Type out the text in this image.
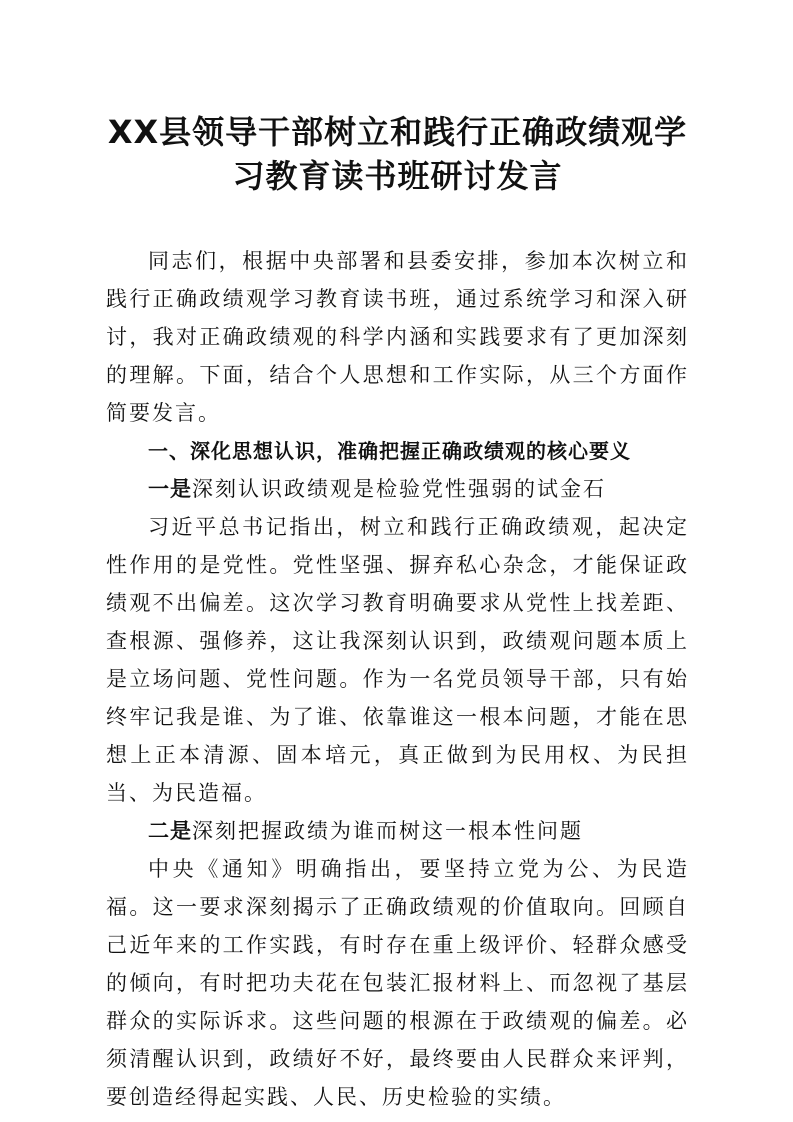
XX县领导干部树立和践行正确政绩观学
习教育读书班研讨发言

同志们，根据中央部署和县委安排，参加本次树立和践行正确政绩观学习教育读书班，通过系统学习和深入研讨，我对正确政绩观的科学内涵和实践要求有了更加深刻的理解。下面，结合个人思想和工作实际，从三个方面作简要发言。

一、深化思想认识，准确把握正确政绩观的核心要义

一是深刻认识政绩观是检验党性强弱的试金石

习近平总书记指出，树立和践行正确政绩观，起决定性作用的是党性。党性坚强、摒弃私心杂念，才能保证政绩观不出偏差。这次学习教育明确要求从党性上找差距、查根源、强修养，这让我深刻认识到，政绩观问题本质上是立场问题、党性问题。作为一名党员领导干部，只有始终牢记我是谁、为了谁、依靠谁这一根本问题，才能在思想上正本清源、固本培元，真正做到为民用权、为民担当、为民造福。

二是深刻把握政绩为谁而树这一根本性问题

中央《通知》明确指出，要坚持立党为公、为民造福。这一要求深刻揭示了正确政绩观的价值取向。回顾自己近年来的工作实践，有时存在重上级评价、轻群众感受的倾向，有时把功夫花在包装汇报材料上、而忽视了基层群众的实际诉求。这些问题的根源在于政绩观的偏差。必须清醒认识到，政绩好不好，最终要由人民群众来评判，要创造经得起实践、人民、历史检验的实绩。
